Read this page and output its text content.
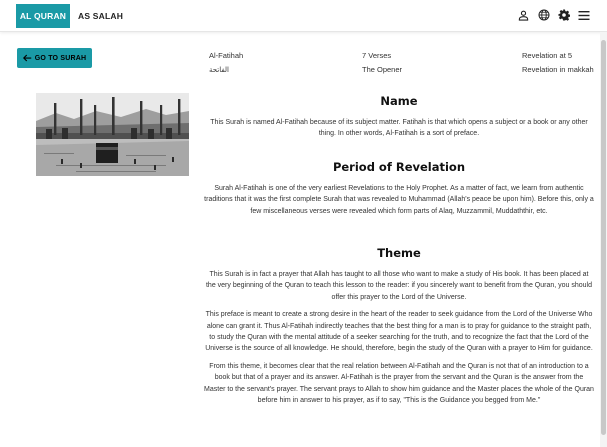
AL QURAN	AS SALAH
GO TO SURAH	Al-Fatihah
الفاتحة
7 Verses
The Opener
Revelation at 5
Revelation in makkah
Name

This Surah is named Al-Fatihah because of its subject matter. Fatihah is that which opens a subject or a book or any other thing. In other words, Al-Fatihah is a sort of preface.

Period of Revelation

Surah Al-Fatihah is one of the very earliest Revelations to the Holy Prophet. As a matter of fact, we learn from authentic traditions that it was the first complete Surah that was revealed to Muhammad (Allah's peace be upon him). Before this, only a few miscellaneous verses were revealed which form parts of Alaq, Muzzammil, Muddaththir, etc.

Theme

This Surah is in fact a prayer that Allah has taught to all those who want to make a study of His book. It has been placed at the very beginning of the Quran to teach this lesson to the reader: if you sincerely want to benefit from the Quran, you should offer this prayer to the Lord of the Universe.

This preface is meant to create a strong desire in the heart of the reader to seek guidance from the Lord of the Universe Who alone can grant it. Thus Al-Fatihah indirectly teaches that the best thing for a man is to pray for guidance to the straight path, to study the Quran with the mental attitude of a seeker searching for the truth, and to recognize the fact that the Lord of the Universe is the source of all knowledge. He should, therefore, begin the study of the Quran with a prayer to Him for guidance.

From this theme, it becomes clear that the real relation between Al-Fatihah and the Quran is not that of an introduction to a book but that of a prayer and its answer. Al-Fatihah is the prayer from the servant and the Quran is the answer from the Master to the servant's prayer. The servant prays to Allah to show him guidance and the Master places the whole of the Quran before him in answer to his prayer, as if to say, "This is the Guidance you begged from Me."
